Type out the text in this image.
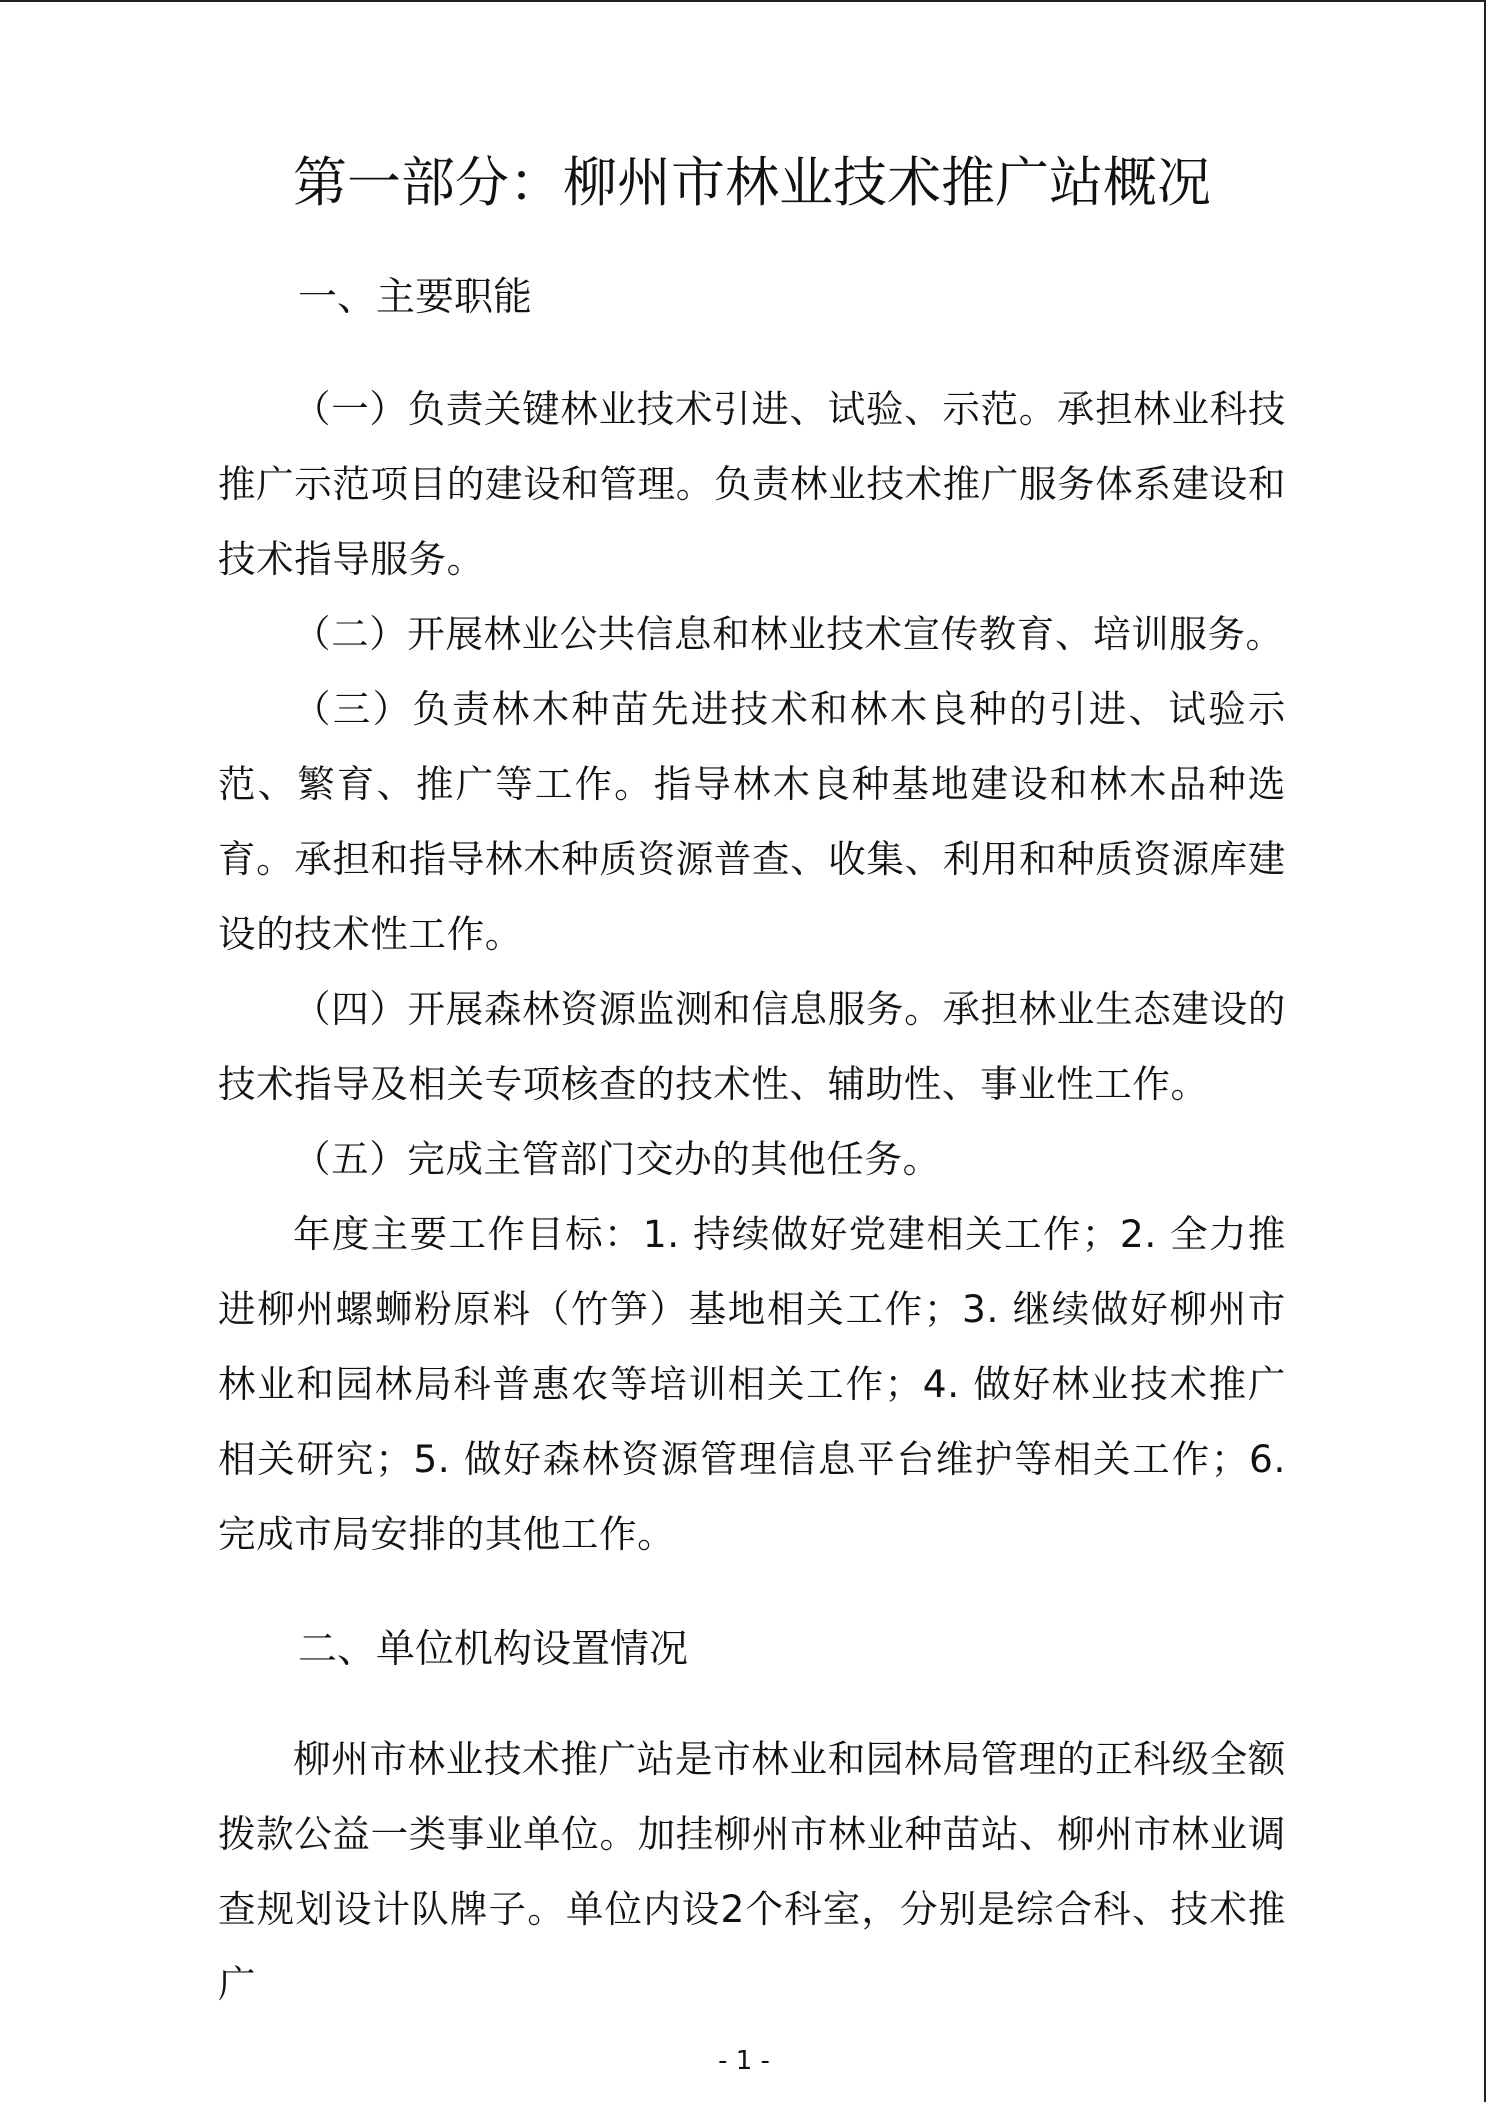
第一部分：柳州市林业技术推广站概况
一、主要职能

（一）负责关键林业技术引进、试验、示范。承担林业科技推广示范项目的建设和管理。负责林业技术推广服务体系建设和技术指导服务。

（二）开展林业公共信息和林业技术宣传教育、培训服务。

（三）负责林木种苗先进技术和林木良种的引进、试验示范、繁育、推广等工作。指导林木良种基地建设和林木品种选育。承担和指导林木种质资源普查、收集、利用和种质资源库建设的技术性工作。

（四）开展森林资源监测和信息服务。承担林业生态建设的技术指导及相关专项核查的技术性、辅助性、事业性工作。

（五）完成主管部门交办的其他任务。

年度主要工作目标：1. 持续做好党建相关工作；2. 全力推进柳州螺蛳粉原料（竹笋）基地相关工作；3. 继续做好柳州市林业和园林局科普惠农等培训相关工作；4. 做好林业技术推广相关研究；5. 做好森林资源管理信息平台维护等相关工作；6. 完成市局安排的其他工作。

二、单位机构设置情况

柳州市林业技术推广站是市林业和园林局管理的正科级全额拨款公益一类事业单位。加挂柳州市林业种苗站、柳州市林业调查规划设计队牌子。单位内设2个科室，分别是综合科、技术推广

- 1 -
